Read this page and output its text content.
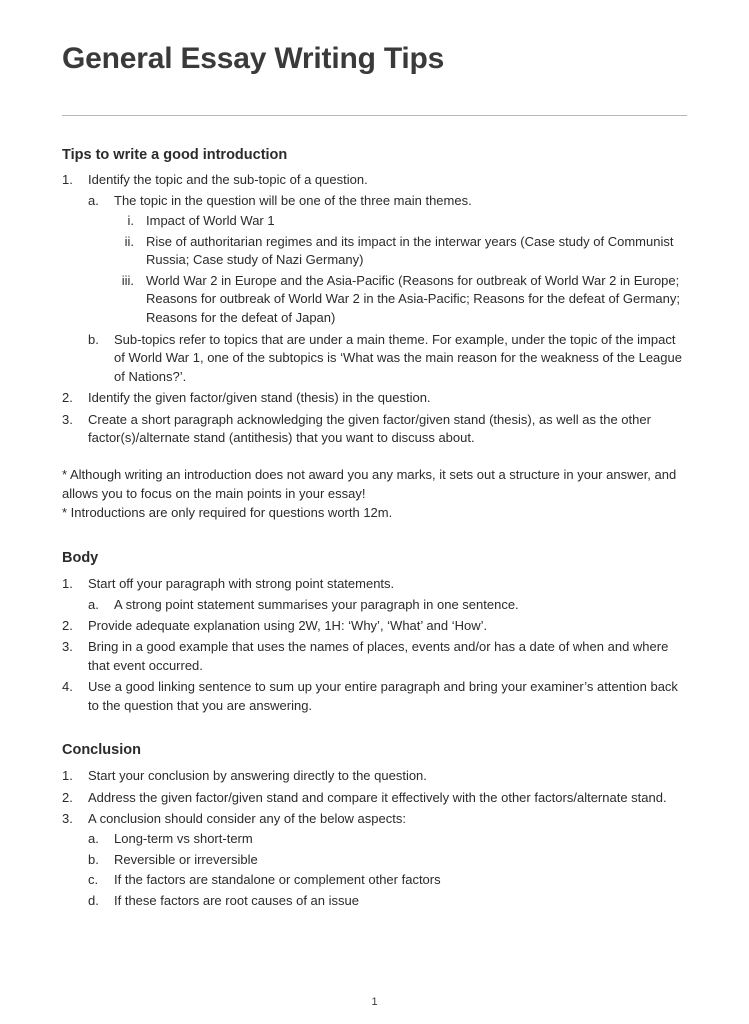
General Essay Writing Tips
Tips to write a good introduction
1.	Identify the topic and the sub-topic of a question.
a.	The topic in the question will be one of the three main themes.
i. Impact of World War 1
ii. Rise of authoritarian regimes and its impact in the interwar years (Case study of Communist Russia; Case study of Nazi Germany)
iii. World War 2 in Europe and the Asia-Pacific (Reasons for outbreak of World War 2 in Europe; Reasons for outbreak of World War 2 in the Asia-Pacific; Reasons for the defeat of Germany; Reasons for the defeat of Japan)
b.	Sub-topics refer to topics that are under a main theme. For example, under the topic of the impact of World War 1, one of the subtopics is ‘What was the main reason for the weakness of the League of Nations?’.
2.	Identify the given factor/given stand (thesis) in the question.
3.	Create a short paragraph acknowledging the given factor/given stand (thesis), as well as the other factor(s)/alternate stand (antithesis) that you want to discuss about.

* Although writing an introduction does not award you any marks, it sets out a structure in your answer, and allows you to focus on the main points in your essay!

* Introductions are only required for questions worth 12m.

Body
1.	Start off your paragraph with strong point statements.
a.	A strong point statement summarises your paragraph in one sentence.
2.	Provide adequate explanation using 2W, 1H: ‘Why’, ‘What’ and ‘How’.
3.	Bring in a good example that uses the names of places, events and/or has a date of when and where that event occurred.
4.	Use a good linking sentence to sum up your entire paragraph and bring your examiner’s attention back to the question that you are answering.
Conclusion
1.	Start your conclusion by answering directly to the question.
2.	Address the given factor/given stand and compare it effectively with the other factors/alternate stand.
3.	A conclusion should consider any of the below aspects:
a.	Long-term vs short-term
b.	Reversible or irreversible
c.	If the factors are standalone or complement other factors
d.	If these factors are root causes of an issue
1
